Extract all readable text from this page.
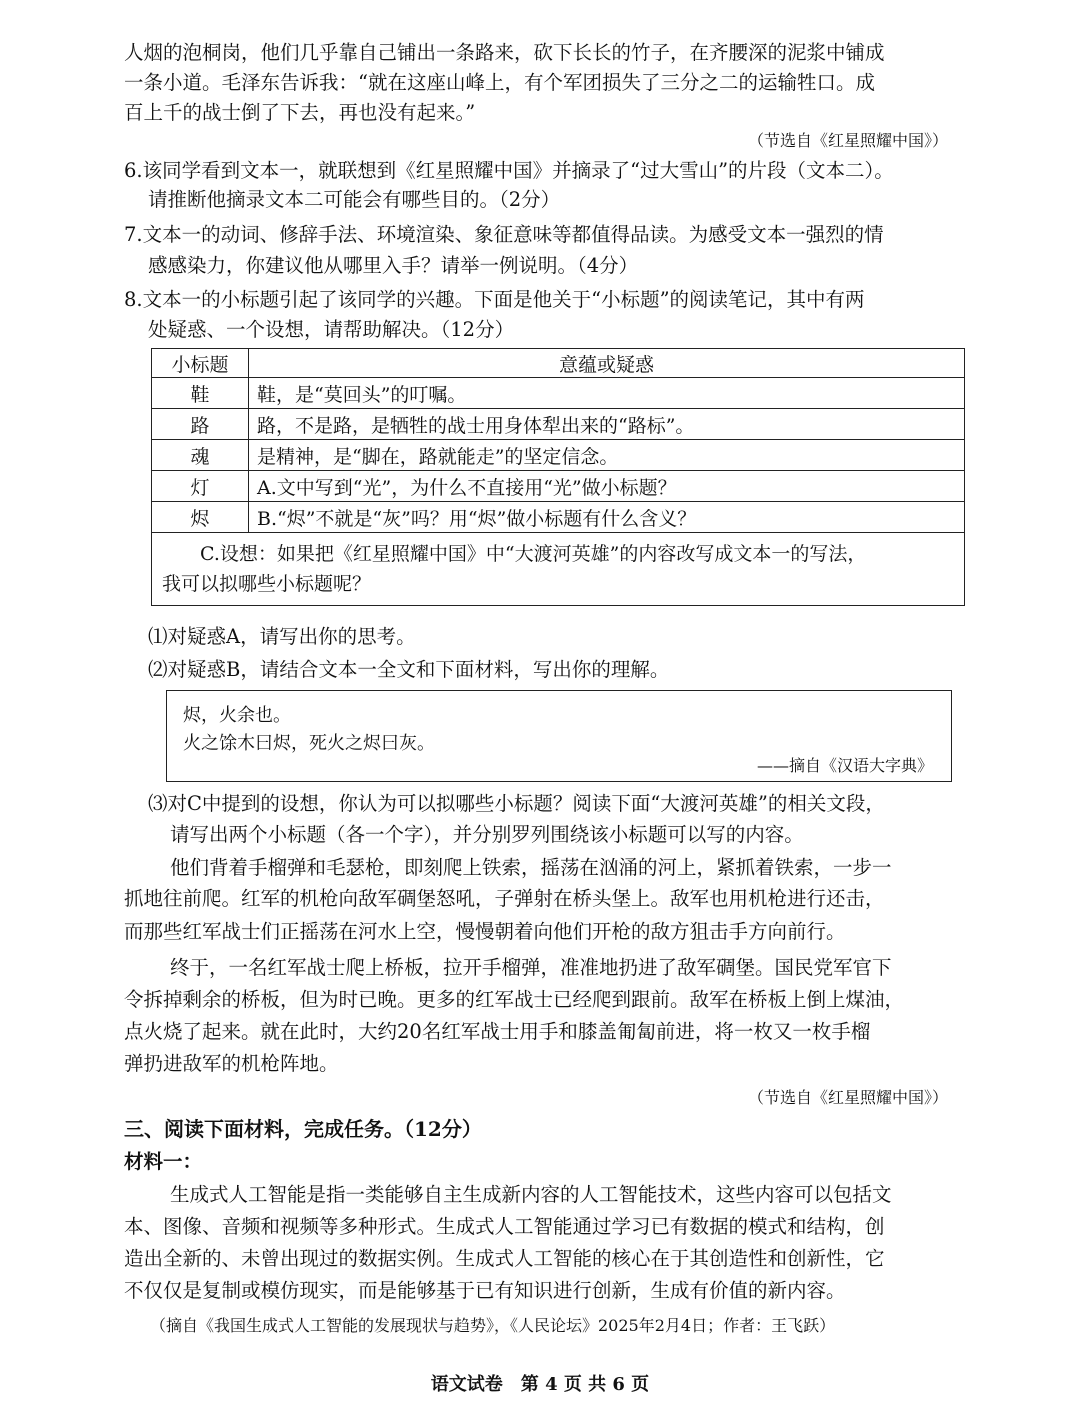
人烟的泡桐岗，他们几乎靠自己铺出一条路来，砍下长长的竹子，在齐腰深的泥浆中铺成
一条小道。毛泽东告诉我：“就在这座山峰上，有个军团损失了三分之二的运输牲口。成
百上千的战士倒了下去，再也没有起来。”
（节选自《红星照耀中国》）
6.该同学看到文本一，就联想到《红星照耀中国》并摘录了“过大雪山”的片段（文本二）。
请推断他摘录文本二可能会有哪些目的。（2分）
7.文本一的动词、修辞手法、环境渲染、象征意味等都值得品读。为感受文本一强烈的情
感感染力，你建议他从哪里入手？请举一例说明。（4分）
8.文本一的小标题引起了该同学的兴趣。下面是他关于“小标题”的阅读笔记，其中有两
处疑惑、一个设想，请帮助解决。（12分）
小标题	意蕴或疑惑
鞋	鞋，是“莫回头”的叮嘱。
路	路，不是路，是牺牲的战士用身体犁出来的“路标”。
魂	是精神，是“脚在，路就能走”的坚定信念。
灯	A.文中写到“光”，为什么不直接用“光”做小标题？
烬	B.“烬”不就是“灰”吗？用“烬”做小标题有什么含义？

C.设想：如果把《红星照耀中国》中“大渡河英雄”的内容改写成文本一的写法，
我可以拟哪些小标题呢？	
⑴对疑惑A，请写出你的思考。
⑵对疑惑B，请结合文本一全文和下面材料，写出你的理解。
烬，火余也。
火之馀木曰烬，死火之烬曰灰。
——摘自《汉语大字典》
⑶对C中提到的设想，你认为可以拟哪些小标题？阅读下面“大渡河英雄”的相关文段，
请写出两个小标题（各一个字），并分别罗列围绕该小标题可以写的内容。
他们背着手榴弹和毛瑟枪，即刻爬上铁索，摇荡在汹涌的河上，紧抓着铁索，一步一
抓地往前爬。红军的机枪向敌军碉堡怒吼，子弹射在桥头堡上。敌军也用机枪进行还击，
而那些红军战士们正摇荡在河水上空，慢慢朝着向他们开枪的敌方狙击手方向前行。
终于，一名红军战士爬上桥板，拉开手榴弹，准准地扔进了敌军碉堡。国民党军官下
令拆掉剩余的桥板，但为时已晚。更多的红军战士已经爬到跟前。敌军在桥板上倒上煤油，
点火烧了起来。就在此时，大约20名红军战士用手和膝盖匍匐前进，将一枚又一枚手榴
弹扔进敌军的机枪阵地。
（节选自《红星照耀中国》）
三、阅读下面材料，完成任务。（12分）
材料一：
生成式人工智能是指一类能够自主生成新内容的人工智能技术，这些内容可以包括文
本、图像、音频和视频等多种形式。生成式人工智能通过学习已有数据的模式和结构，创
造出全新的、未曾出现过的数据实例。生成式人工智能的核心在于其创造性和创新性，它
不仅仅是复制或模仿现实，而是能够基于已有知识进行创新，生成有价值的新内容。
（摘自《我国生成式人工智能的发展现状与趋势》，《人民论坛》2025年2月4日；作者：王飞跃）
语文试卷　第 4 页 共 6 页
